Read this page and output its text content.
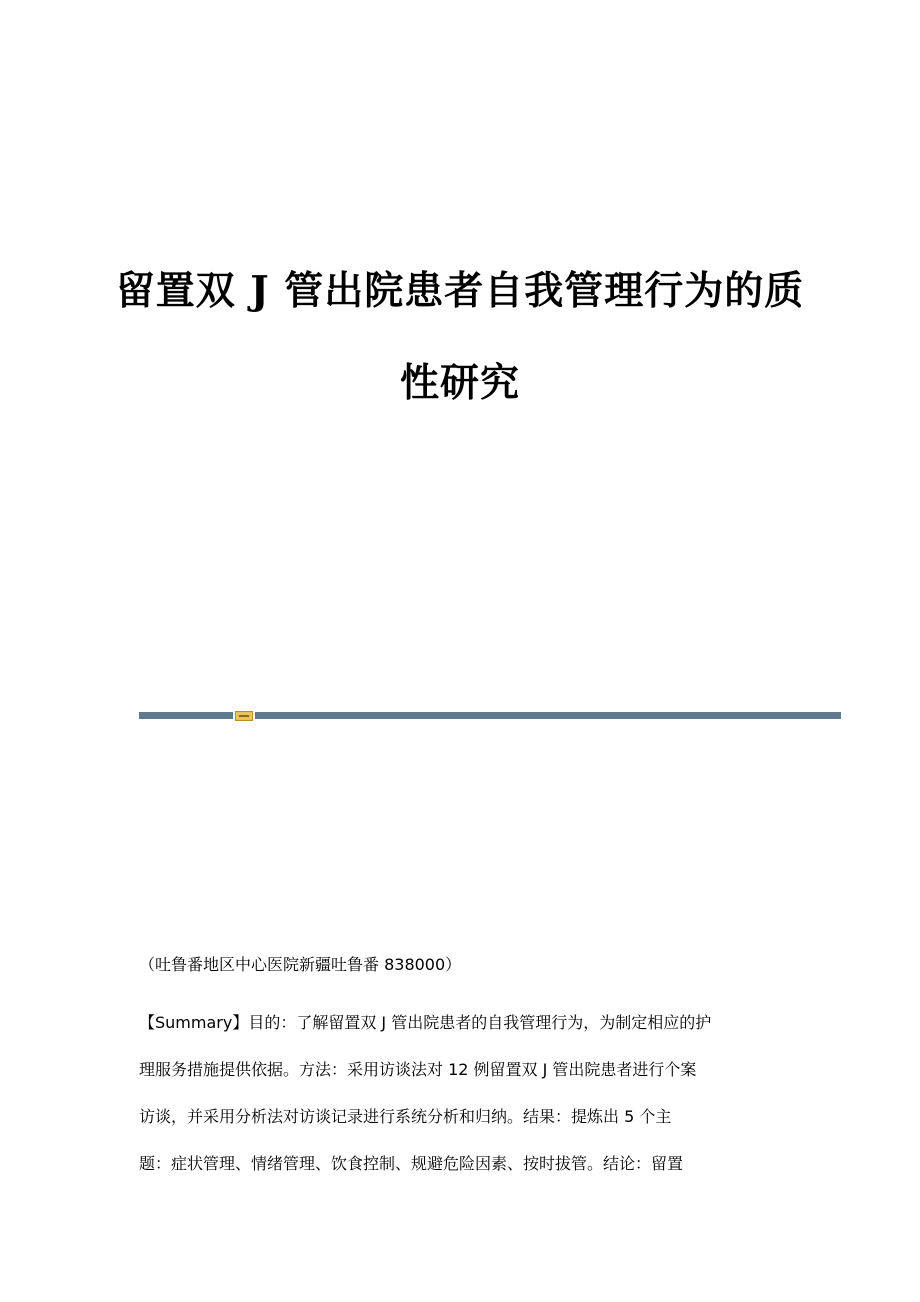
留置双 J 管出院患者自我管理行为的质
性研究
（吐鲁番地区中心医院新疆吐鲁番 838000）
【Summary】目的：了解留置双 J 管出院患者的自我管理行为，为制定相应的护
理服务措施提供依据。方法：采用访谈法对 12 例留置双 J 管出院患者进行个案
访谈，并采用分析法对访谈记录进行系统分析和归纳。结果：提炼出 5 个主
题：症状管理、情绪管理、饮食控制、规避危险因素、按时拔管。结论：留置
